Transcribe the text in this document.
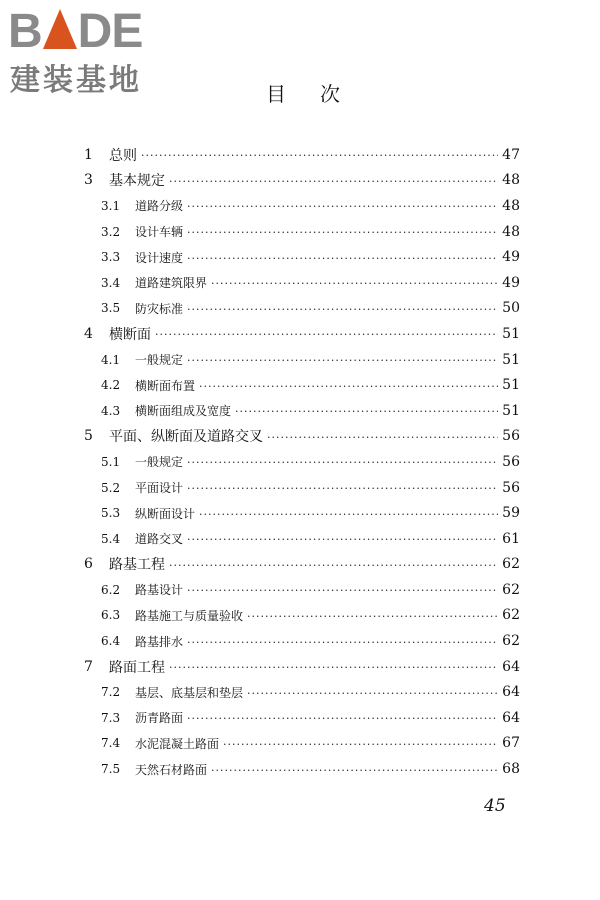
B DE
建装基地	目次
1	总则 ·····	47
3	基本规定 ·····	48
3.1	道路分级 ·····	48
3.2	设计车辆 ·····	48
3.3	设计速度 ·····	49
3.4	道路建筑限界 ·····	49
3.5	防灾标准 ·····	50
4	横断面 ·····	51
4.1	一般规定 ·····	51
4.2	横断面布置 ·····	51
4.3	横断面组成及宽度 ·····	51
5	平面、纵断面及道路交叉 ·····	56
5.1	一般规定 ·····	56
5.2	平面设计 ·····	56
5.3	纵断面设计 ·····	59
5.4	道路交叉 ·····	61
6	路基工程 ·····	62
6.2	路基设计 ·····	62
6.3	路基施工与质量验收 ·····	62
6.4	路基排水 ·····	62
7	路面工程 ·····	64
7.2	基层、底基层和垫层 ·····	64
7.3	沥青路面 ·····	64
7.4	水泥混凝土路面 ·····	67
7.5	天然石材路面 ·····	68
45
